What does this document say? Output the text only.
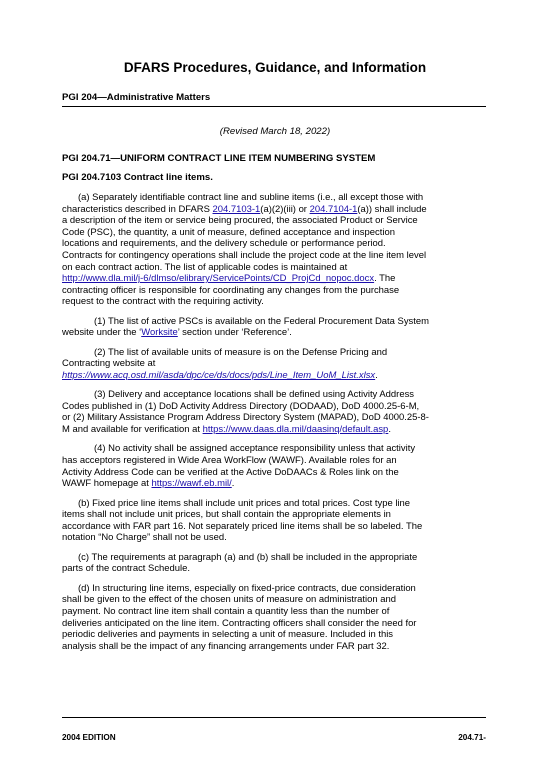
DFARS Procedures, Guidance, and Information
PGI 204—Administrative Matters
(Revised March 18, 2022)
PGI 204.71—UNIFORM CONTRACT LINE ITEM NUMBERING SYSTEM
PGI 204.7103 Contract line items.

(a) Separately identifiable contract line and subline items (i.e., all except those with
characteristics described in DFARS 204.7103-1(a)(2)(iii) or 204.7104-1(a)) shall include
a description of the item or service being procured, the associated Product or Service
Code (PSC), the quantity, a unit of measure, defined acceptance and inspection
locations and requirements, and the delivery schedule or performance period.
Contracts for contingency operations shall include the project code at the line item level
on each contract action. The list of applicable codes is maintained at
http://www.dla.mil/j-6/dlmso/elibrary/ServicePoints/CD_ProjCd_nopoc.docx. The
contracting officer is responsible for coordinating any changes from the purchase
request to the contract with the requiring activity.

(1) The list of active PSCs is available on the Federal Procurement Data System
website under the ‘Worksite’ section under ‘Reference’.

(2) The list of available units of measure is on the Defense Pricing and
Contracting website at
https://www.acq.osd.mil/asda/dpc/ce/ds/docs/pds/Line_Item_UoM_List.xlsx.

(3) Delivery and acceptance locations shall be defined using Activity Address
Codes published in (1) DoD Activity Address Directory (DODAAD), DoD 4000.25-6-M,
or (2) Military Assistance Program Address Directory System (MAPAD), DoD 4000.25-8-
M and available for verification at https://www.daas.dla.mil/daasinq/default.asp.

(4) No activity shall be assigned acceptance responsibility unless that activity
has acceptors registered in Wide Area WorkFlow (WAWF). Available roles for an
Activity Address Code can be verified at the Active DoDAACs & Roles link on the
WAWF homepage at https://wawf.eb.mil/.

(b) Fixed price line items shall include unit prices and total prices. Cost type line
items shall not include unit prices, but shall contain the appropriate elements in
accordance with FAR part 16. Not separately priced line items shall be so labeled. The
notation “No Charge” shall not be used.

(c) The requirements at paragraph (a) and (b) shall be included in the appropriate
parts of the contract Schedule.

(d) In structuring line items, especially on fixed-price contracts, due consideration
shall be given to the effect of the chosen units of measure on administration and
payment. No contract line item shall contain a quantity less than the number of
deliveries anticipated on the line item. Contracting officers shall consider the need for
periodic deliveries and payments in selecting a unit of measure. Included in this
analysis shall be the impact of any financing arrangements under FAR part 32.

2004 EDITION	204.71-
